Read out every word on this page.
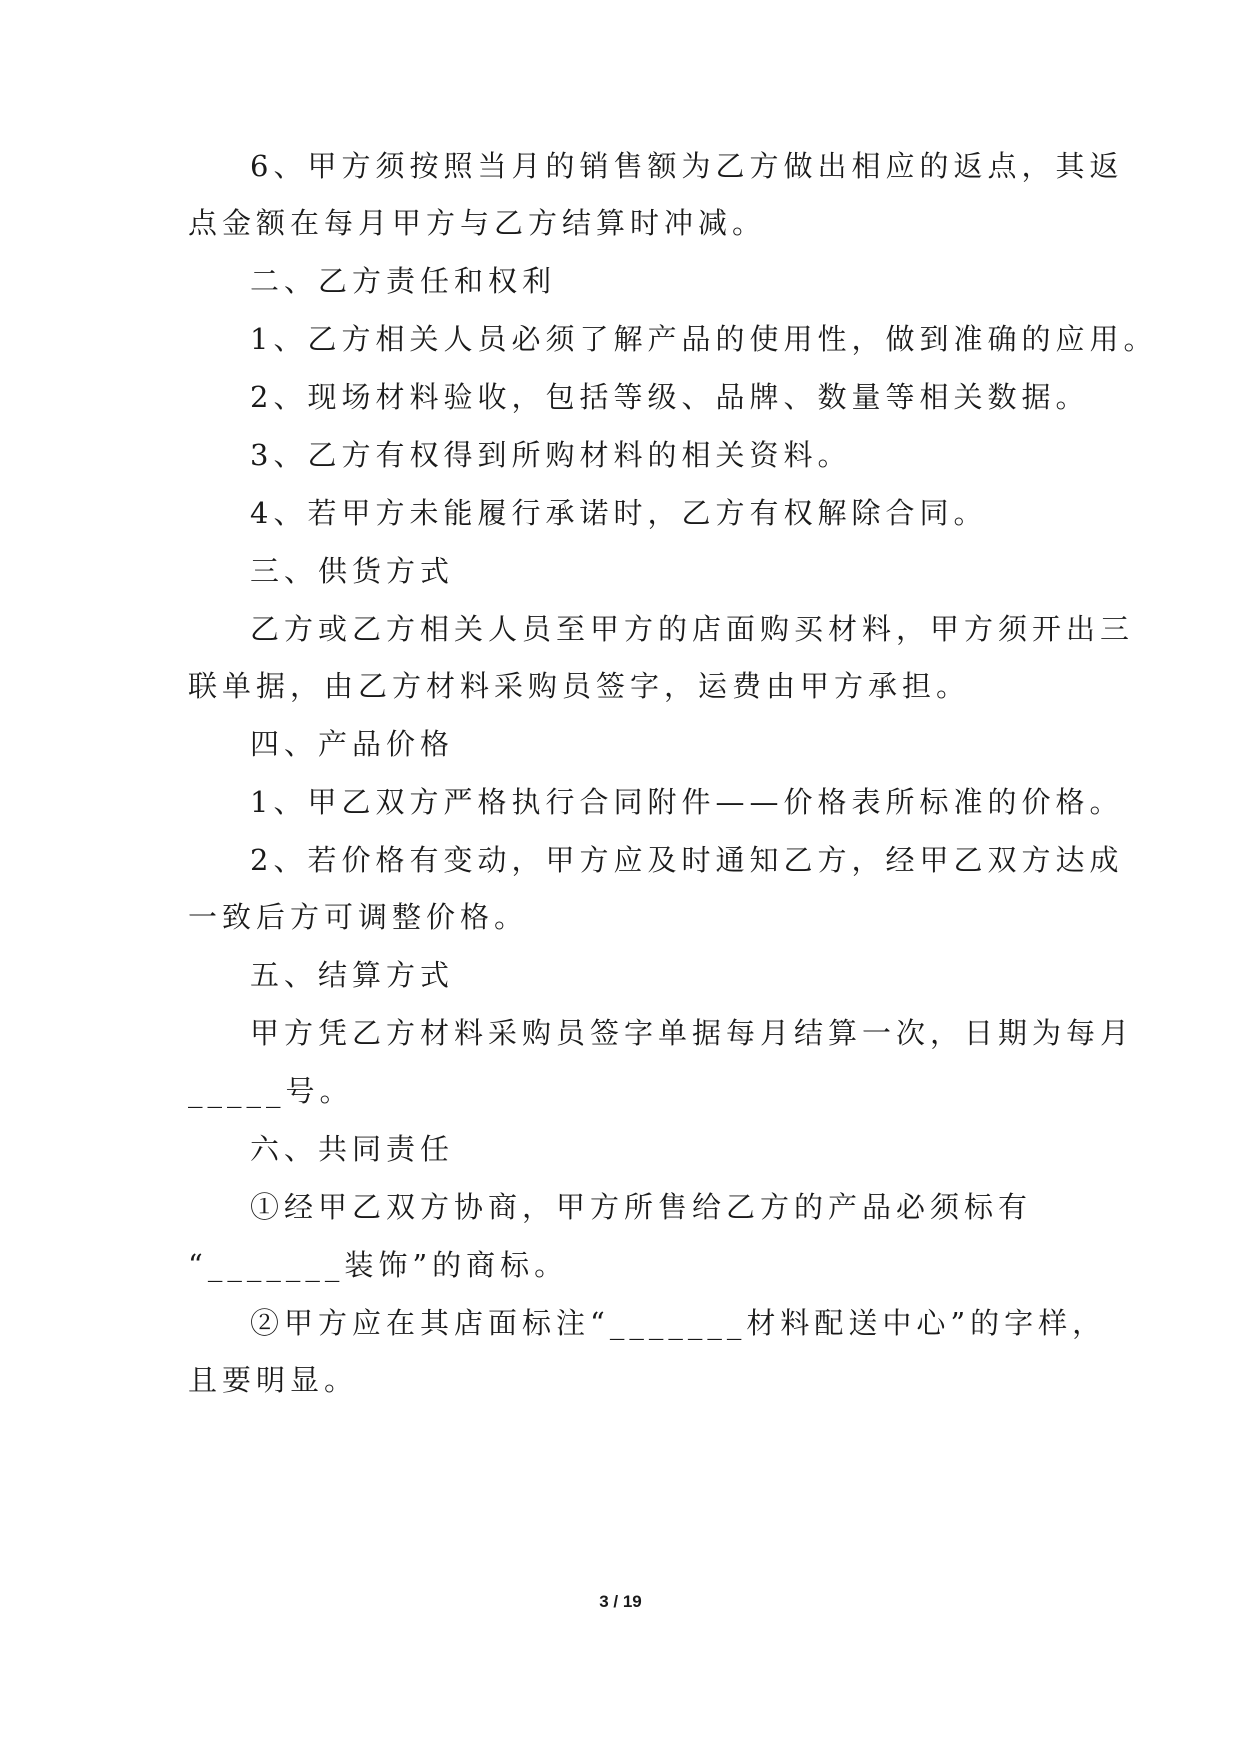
6、甲方须按照当月的销售额为乙方做出相应的返点，其返
点金额在每月甲方与乙方结算时冲减。
二、乙方责任和权利
1、乙方相关人员必须了解产品的使用性，做到准确的应用。
2、现场材料验收，包括等级、品牌、数量等相关数据。
3、乙方有权得到所购材料的相关资料。
4、若甲方未能履行承诺时，乙方有权解除合同。
三、供货方式
乙方或乙方相关人员至甲方的店面购买材料，甲方须开出三
联单据，由乙方材料采购员签字，运费由甲方承担。
四、产品价格
1、甲乙双方严格执行合同附件——价格表所标准的价格。
2、若价格有变动，甲方应及时通知乙方，经甲乙双方达成
一致后方可调整价格。
五、结算方式
甲方凭乙方材料采购员签字单据每月结算一次，日期为每月
_____号。
六、共同责任
①经甲乙双方协商，甲方所售给乙方的产品必须标有
“_______装饰”的商标。
②甲方应在其店面标注“_______材料配送中心”的字样，
且要明显。
3 / 19
